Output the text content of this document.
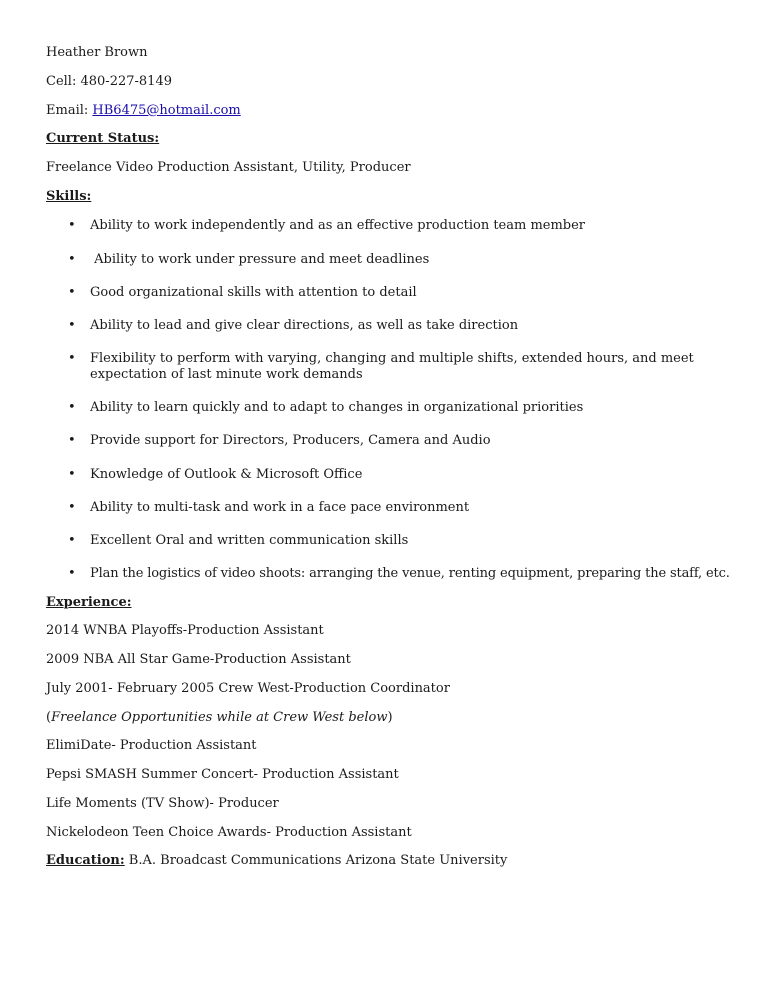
Heather Brown
Cell: 480-227-8149
Email: HB6475@hotmail.com
Current Status:
Freelance Video Production Assistant, Utility, Producer
Skills:
• Ability to work independently and as an effective production team member
• Ability to work under pressure and meet deadlines
• Good organizational skills with attention to detail
• Ability to lead and give clear directions, as well as take direction
• Flexibility to perform with varying, changing and multiple shifts, extended hours, and meet expectation of last minute work demands
• Ability to learn quickly and to adapt to changes in organizational priorities
• Provide support for Directors, Producers, Camera and Audio
• Knowledge of Outlook & Microsoft Office
• Ability to multi-task and work in a face pace environment
• Excellent Oral and written communication skills
• Plan the logistics of video shoots: arranging the venue, renting equipment, preparing the staff, etc.
Experience:
2014 WNBA Playoffs-Production Assistant
2009 NBA All Star Game-Production Assistant
July 2001- February 2005 Crew West-Production Coordinator
(Freelance Opportunities while at Crew West below)
ElimiDate- Production Assistant
Pepsi SMASH Summer Concert- Production Assistant
Life Moments (TV Show)- Producer
Nickelodeon Teen Choice Awards- Production Assistant
Education: B.A. Broadcast Communications Arizona State University
